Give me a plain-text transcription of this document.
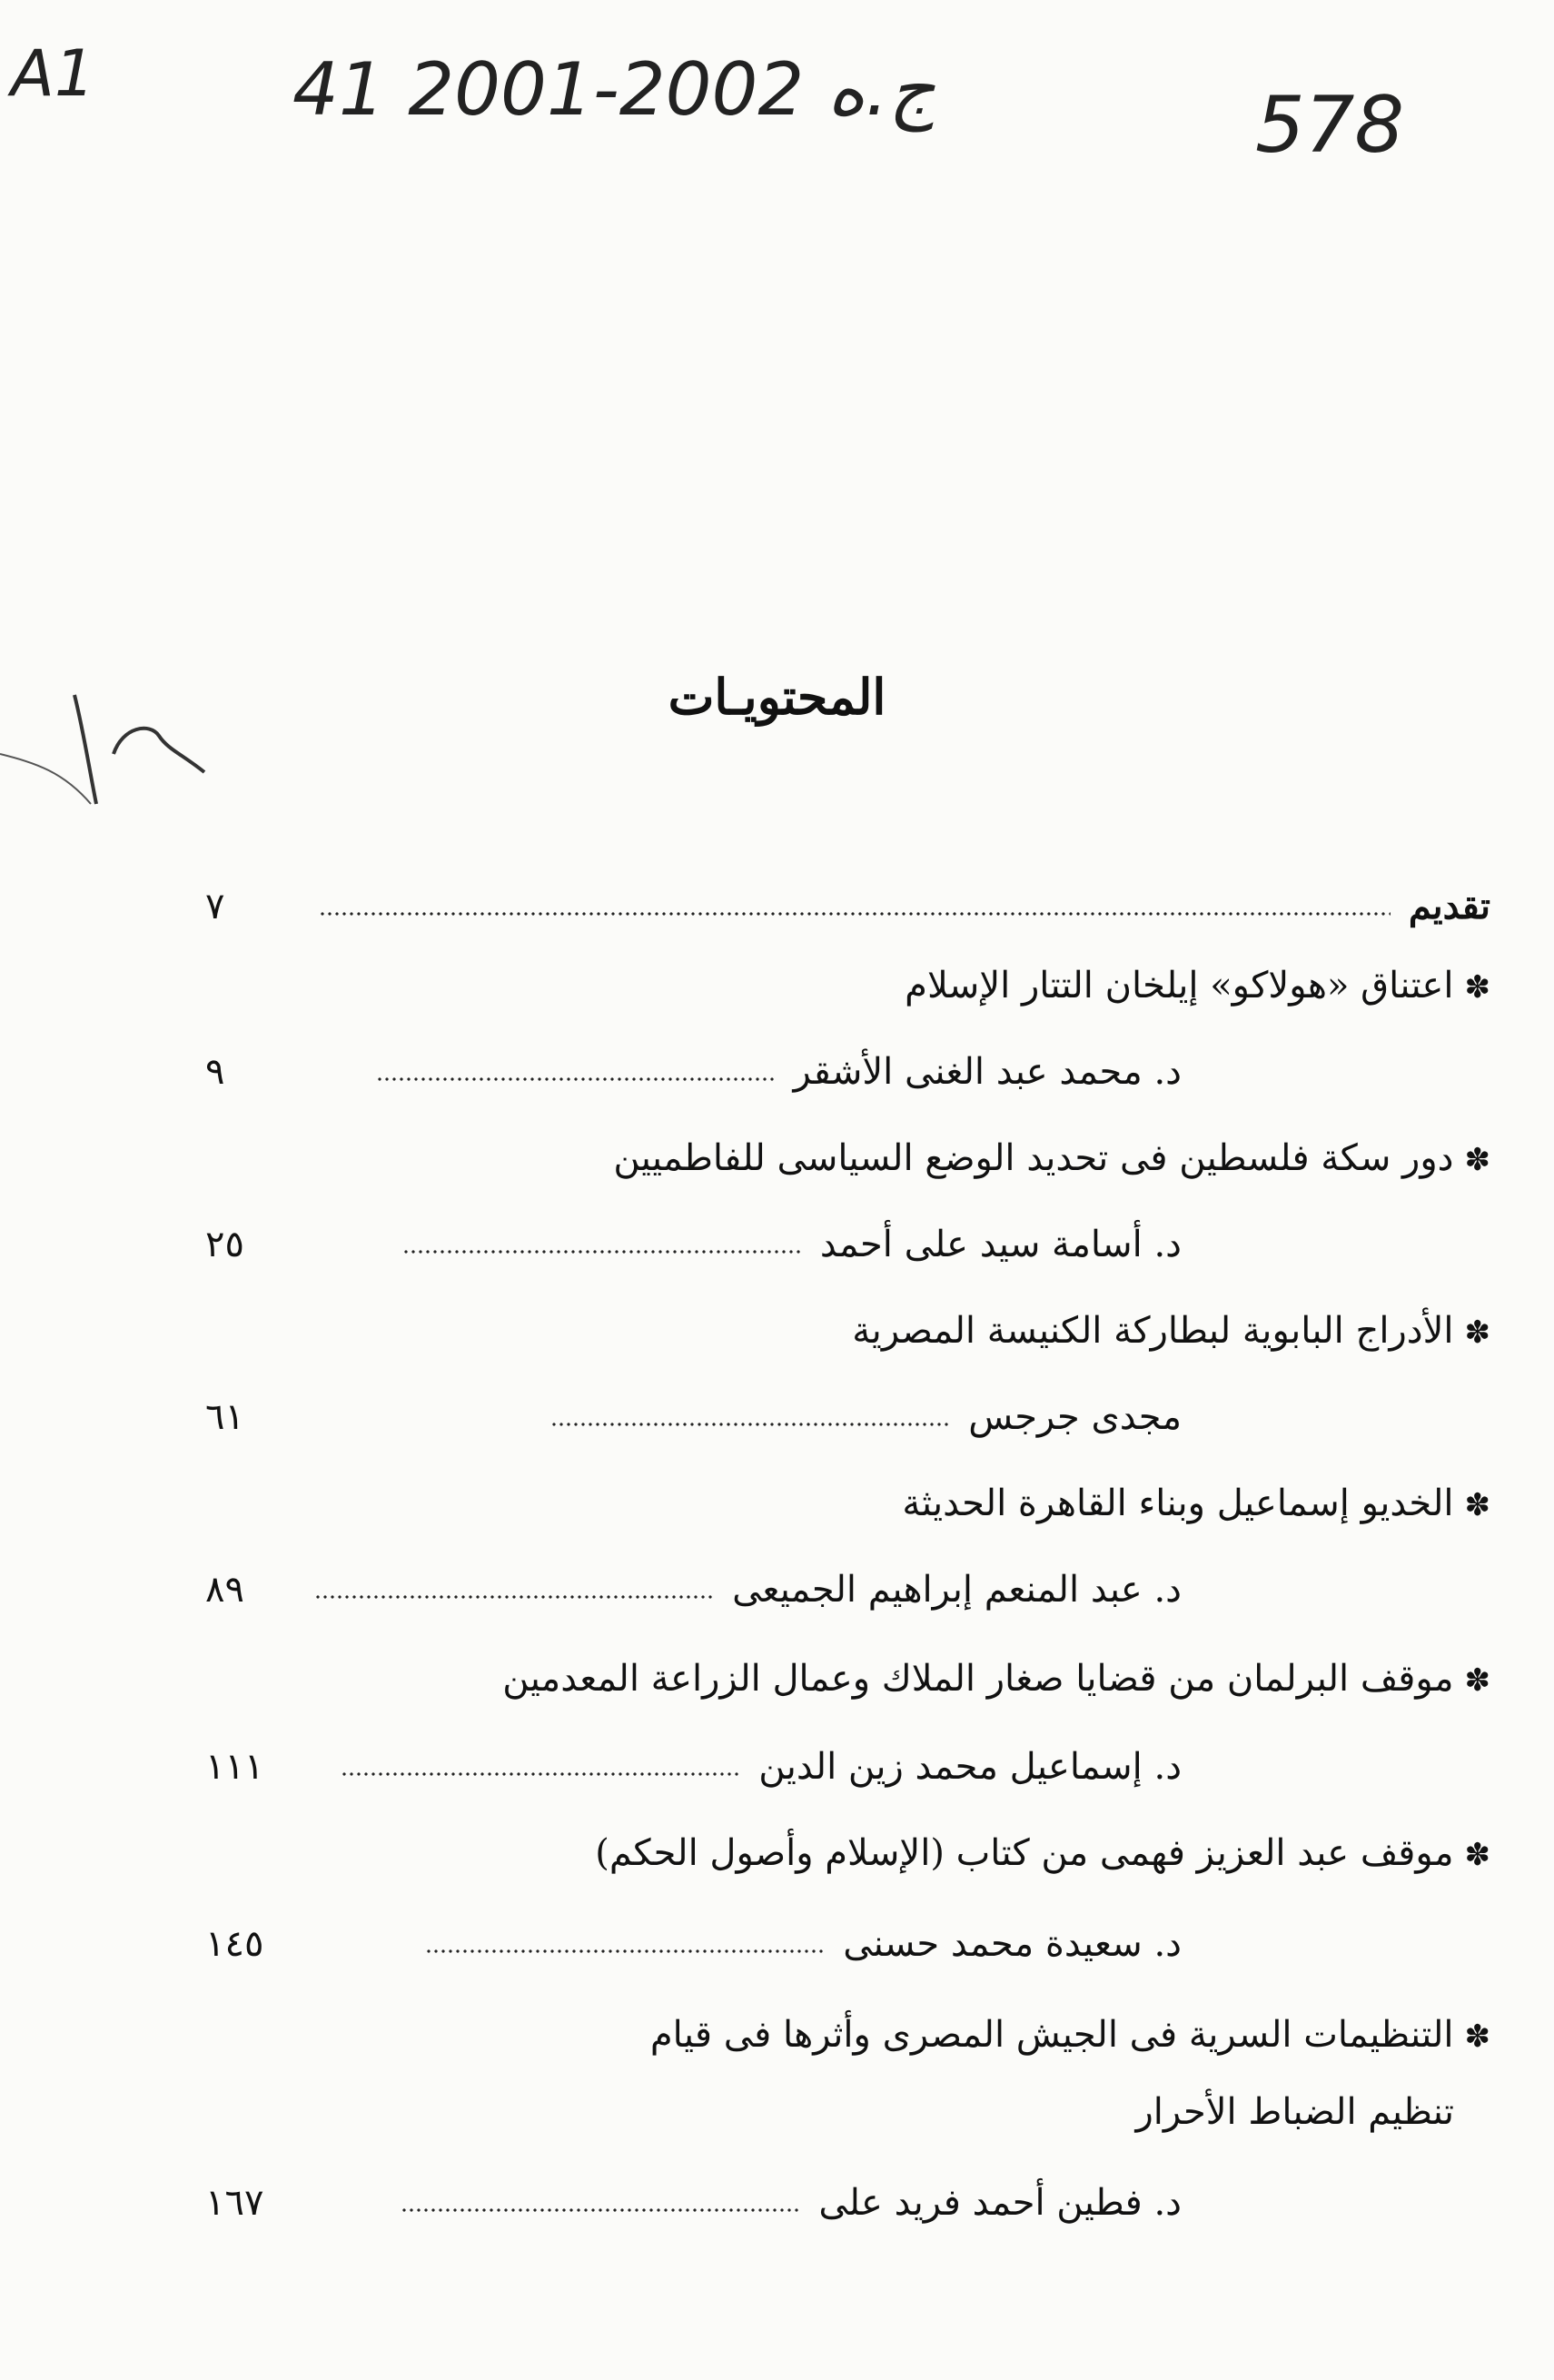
A1	41 ج.ه 2002-2001	578
المحتويـات
تقديم
٧
✽اعتناق «هولاكو» إيلخان التتار الإسلام
د. محمد عبد الغنى الأشقر
٩
✽دور سكة فلسطين فى تحديد الوضع السياسى للفاطميين
د. أسامة سيد على أحمد
٢٥
✽الأدراج البابوية لبطاركة الكنيسة المصرية
مجدى جرجس
٦١
✽الخديو إسماعيل وبناء القاهرة الحديثة
د. عبد المنعم إبراهيم الجميعى
٨٩
✽موقف البرلمان من قضايا صغار الملاك وعمال الزراعة المعدمين
د. إسماعيل محمد زين الدين
١١١
✽موقف عبد العزيز فهمى من كتاب (الإسلام وأصول الحكم)
د. سعيدة محمد حسنى
١٤٥
✽التنظيمات السرية فى الجيش المصرى وأثرها فى قيام
تنظيم الضباط الأحرار
د. فطين أحمد فريد على
١٦٧
